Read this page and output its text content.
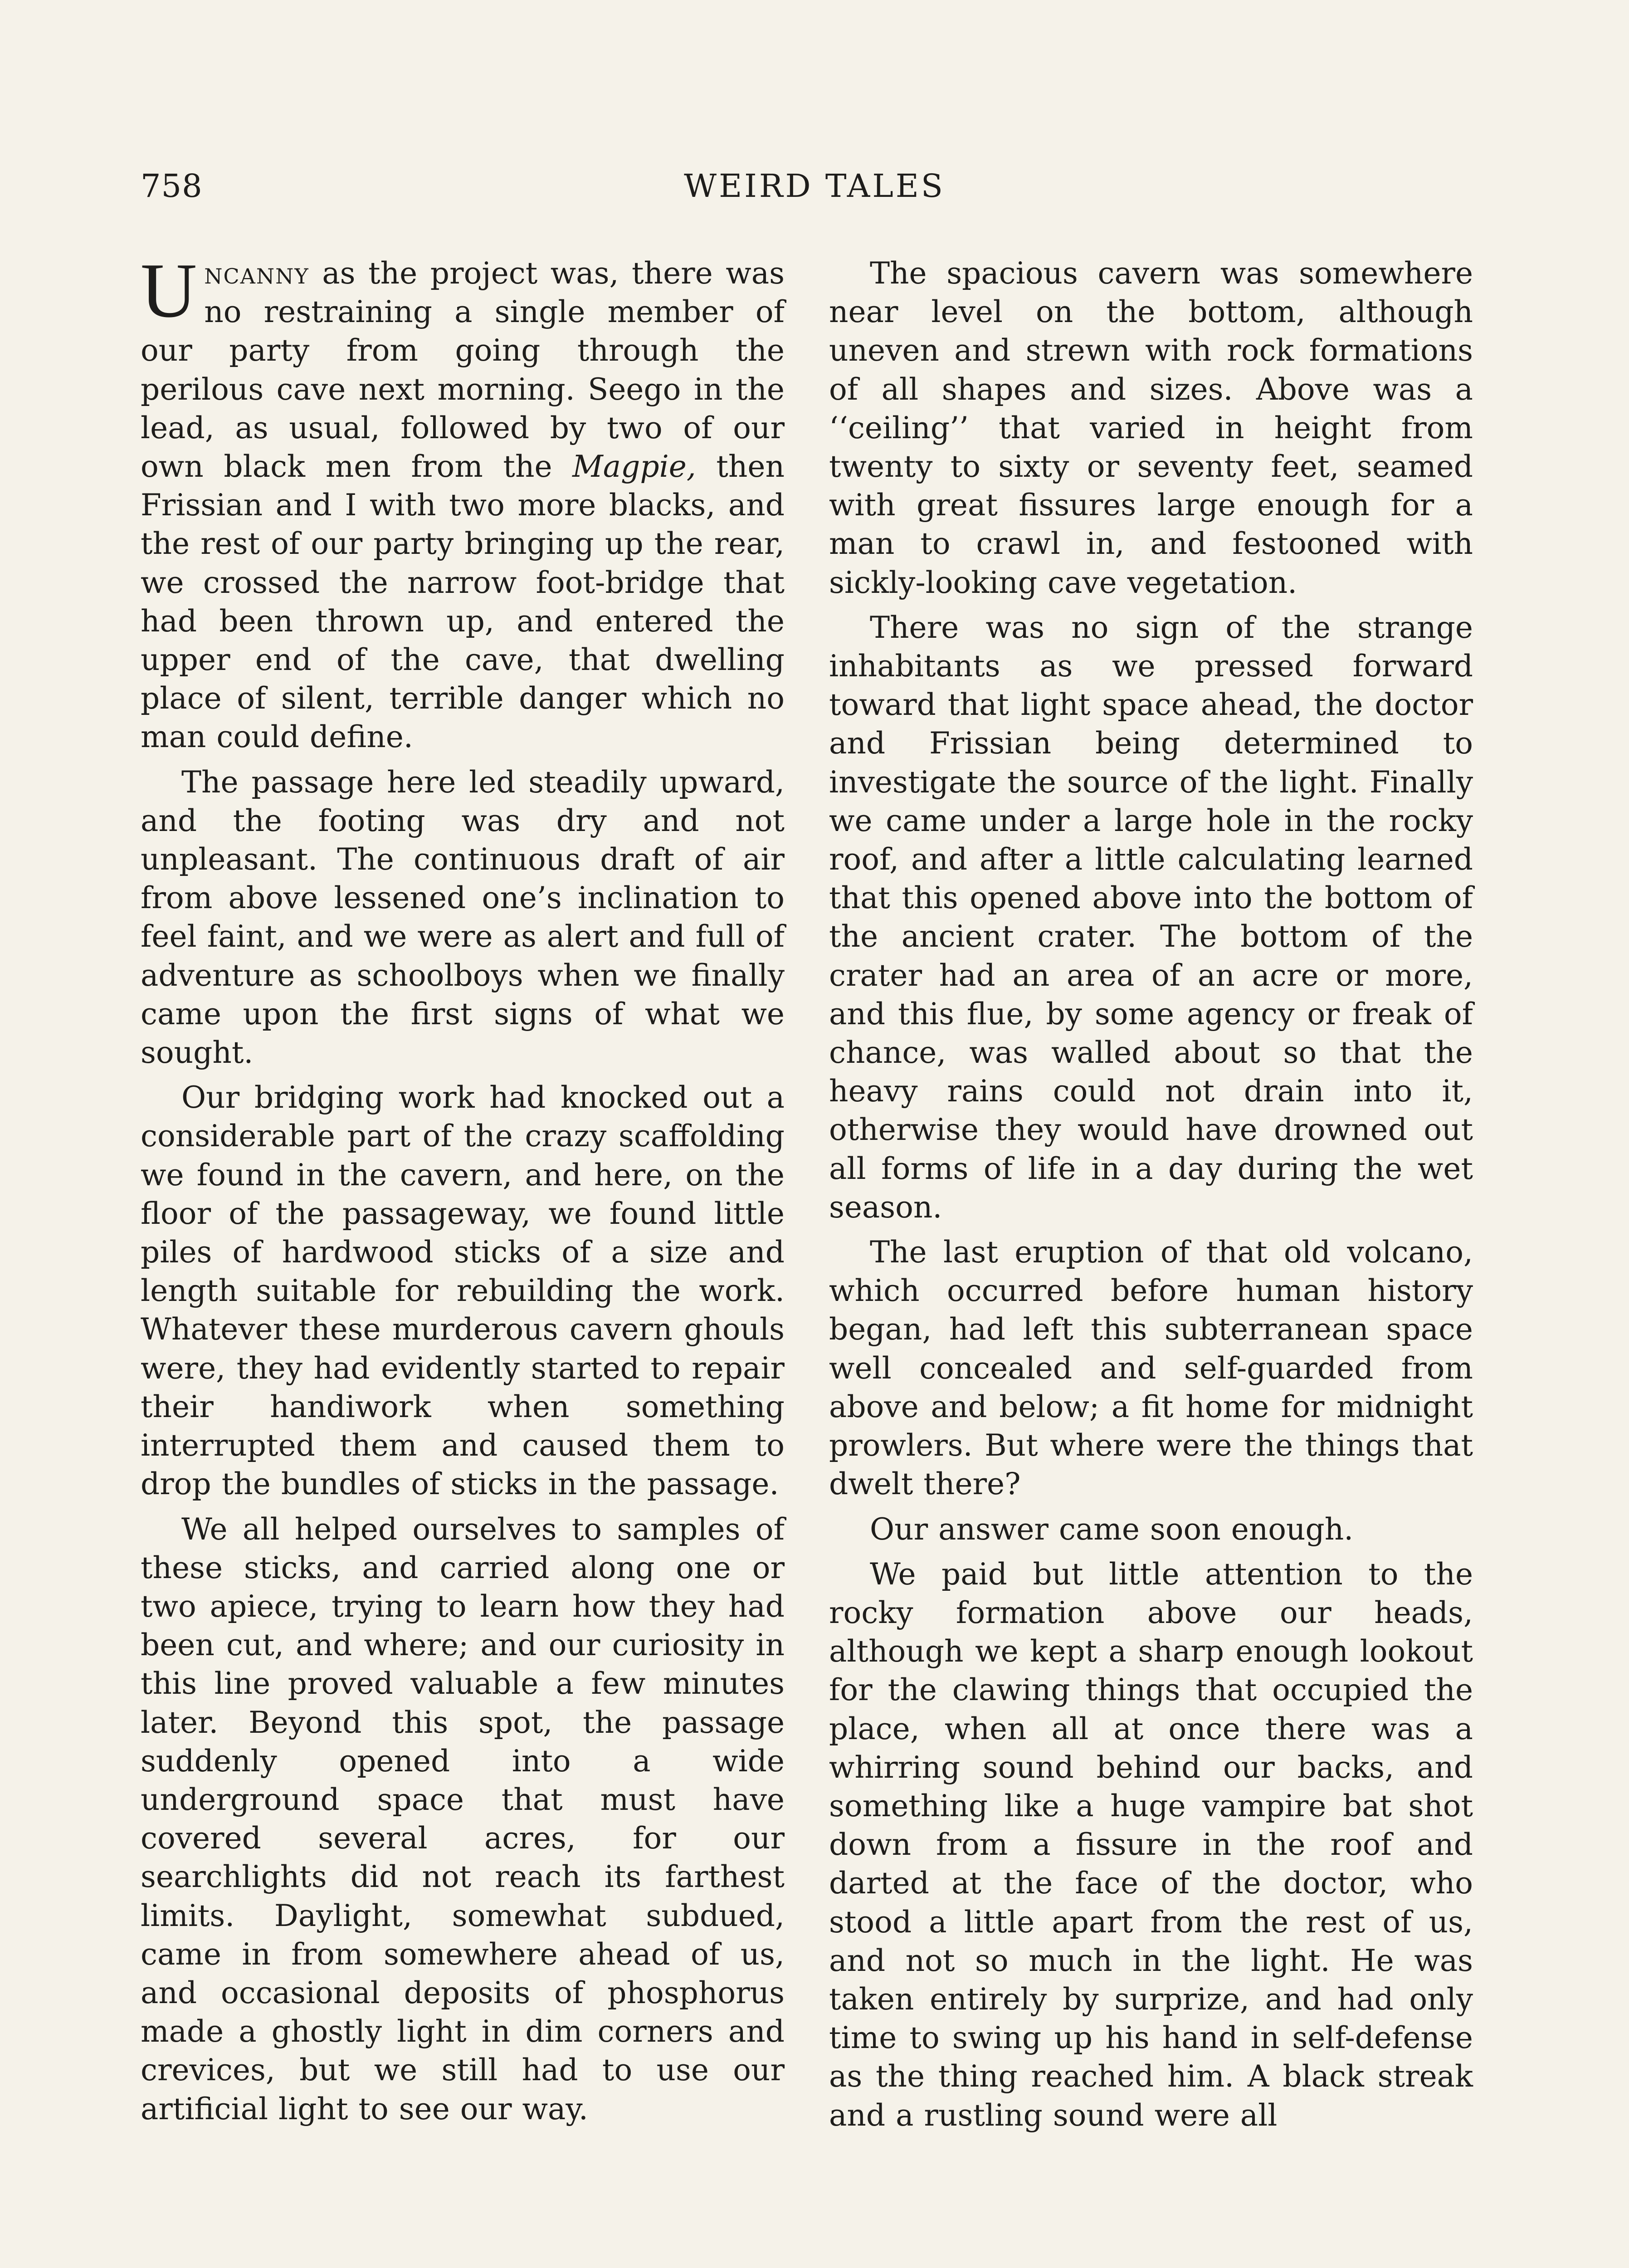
758	WEIRD TALES

Uncanny as the project was, there was no restraining a single member of our party from going through the perilous cave next morning. Seego in the lead, as usual, followed by two of our own black men from the Magpie, then Frissian and I with two more blacks, and the rest of our party bringing up the rear, we crossed the narrow foot-bridge that had been thrown up, and entered the upper end of the cave, that dwelling place of silent, terrible danger which no man could define.

The passage here led steadily upward, and the footing was dry and not unpleasant. The continuous draft of air from above lessened one’s inclination to feel faint, and we were as alert and full of adventure as schoolboys when we finally came upon the first signs of what we sought.

Our bridging work had knocked out a considerable part of the crazy scaffolding we found in the cavern, and here, on the floor of the passageway, we found little piles of hardwood sticks of a size and length suitable for rebuilding the work. Whatever these murderous cavern ghouls were, they had evidently started to repair their handiwork when something interrupted them and caused them to drop the bundles of sticks in the passage.

We all helped ourselves to samples of these sticks, and carried along one or two apiece, trying to learn how they had been cut, and where; and our curiosity in this line proved valuable a few minutes later. Beyond this spot, the passage suddenly opened into a wide underground space that must have covered several acres, for our searchlights did not reach its farthest limits. Daylight, somewhat subdued, came in from somewhere ahead of us, and occasional deposits of phosphorus made a ghostly light in dim corners and crevices, but we still had to use our artificial light to see our way.

The spacious cavern was somewhere near level on the bottom, although uneven and strewn with rock formations of all shapes and sizes. Above was a ‘‘ceiling’’ that varied in height from twenty to sixty or seventy feet, seamed with great fissures large enough for a man to crawl in, and festooned with sickly-looking cave vegetation.

There was no sign of the strange inhabitants as we pressed forward toward that light space ahead, the doctor and Frissian being determined to investigate the source of the light. Finally we came under a large hole in the rocky roof, and after a little calculating learned that this opened above into the bottom of the ancient crater. The bottom of the crater had an area of an acre or more, and this flue, by some agency or freak of chance, was walled about so that the heavy rains could not drain into it, otherwise they would have drowned out all forms of life in a day during the wet season.

The last eruption of that old volcano, which occurred before human history began, had left this subterranean space well concealed and self-guarded from above and below; a fit home for midnight prowlers. But where were the things that dwelt there?

Our answer came soon enough.

We paid but little attention to the rocky formation above our heads, although we kept a sharp enough lookout for the clawing things that occupied the place, when all at once there was a whirring sound behind our backs, and something like a huge vampire bat shot down from a fissure in the roof and darted at the face of the doctor, who stood a little apart from the rest of us, and not so much in the light. He was taken entirely by surprize, and had only time to swing up his hand in self-defense as the thing reached him. A black streak and a rustling sound were all
